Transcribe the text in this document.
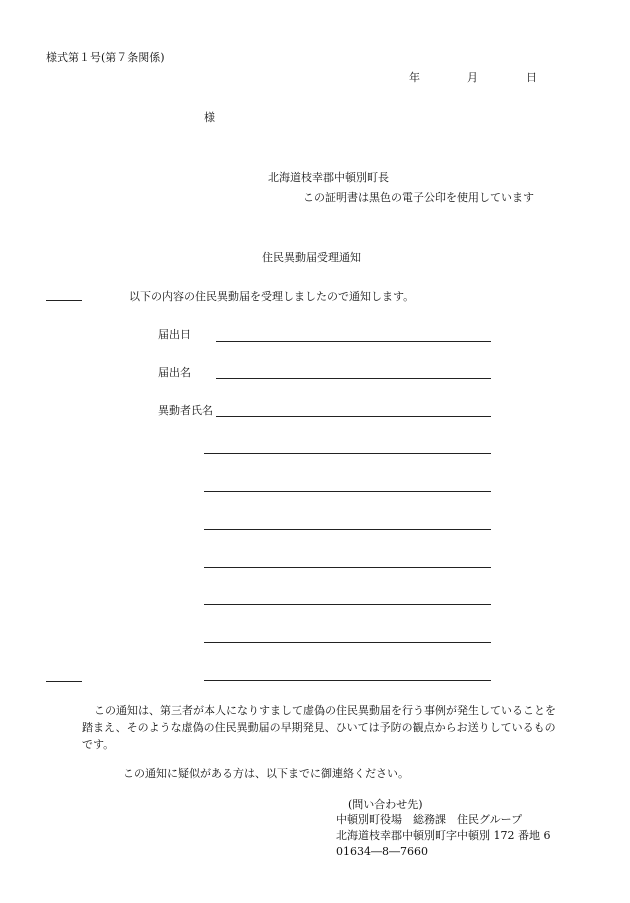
様式第１号(第７条関係)
年	月	日
様
北海道枝幸郡中頓別町長
この証明書は黒色の電子公印を使用しています
住民異動届受理通知
以下の内容の住民異動届を受理しましたので通知します。
届出日
届出名
異動者氏名
この通知は、第三者が本人になりすまして虚偽の住民異動届を行う事例が発生していることを
踏まえ、そのような虚偽の住民異動届の早期発見、ひいては予防の観点からお送りしているもの
です。
この通知に疑似がある方は、以下までに御連絡ください。
(問い合わせ先)
中頓別町役場　総務課　住民グループ
北海道枝幸郡中頓別町字中頓別 172 番地 6
01634―8―7660
